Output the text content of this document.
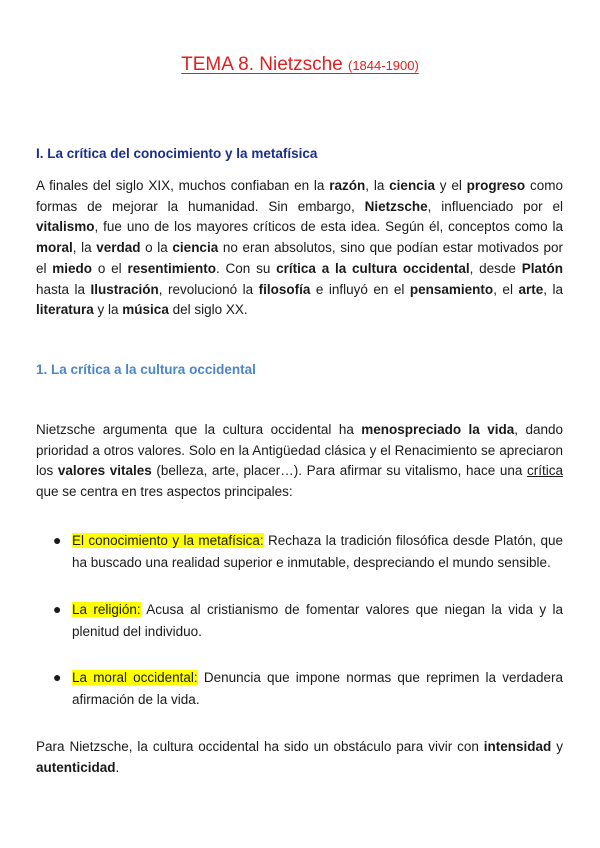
TEMA 8. Nietzsche (1844-1900)
I. La crítica del conocimiento y la metafísica

A finales del siglo XIX, muchos confiaban en la razón, la ciencia y el progreso como formas de mejorar la humanidad. Sin embargo, Nietzsche, influenciado por el vitalismo, fue uno de los mayores críticos de esta idea. Según él, conceptos como la moral, la verdad o la ciencia no eran absolutos, sino que podían estar motivados por el miedo o el resentimiento. Con su crítica a la cultura occidental, desde Platón hasta la Ilustración, revolucionó la filosofía e influyó en el pensamiento, el arte, la literatura y la música del siglo XX.

1. La crítica a la cultura occidental

Nietzsche argumenta que la cultura occidental ha menospreciado la vida, dando prioridad a otros valores. Solo en la Antigüedad clásica y el Renacimiento se apreciaron los valores vitales (belleza, arte, placer…). Para afirmar su vitalismo, hace una crítica que se centra en tres aspectos principales:

● El conocimiento y la metafísica: Rechaza la tradición filosófica desde Platón, que ha buscado una realidad superior e inmutable, despreciando el mundo sensible.
● La religión: Acusa al cristianismo de fomentar valores que niegan la vida y la plenitud del individuo.
● La moral occidental: Denuncia que impone normas que reprimen la verdadera afirmación de la vida.

Para Nietzsche, la cultura occidental ha sido un obstáculo para vivir con intensidad y autenticidad.
